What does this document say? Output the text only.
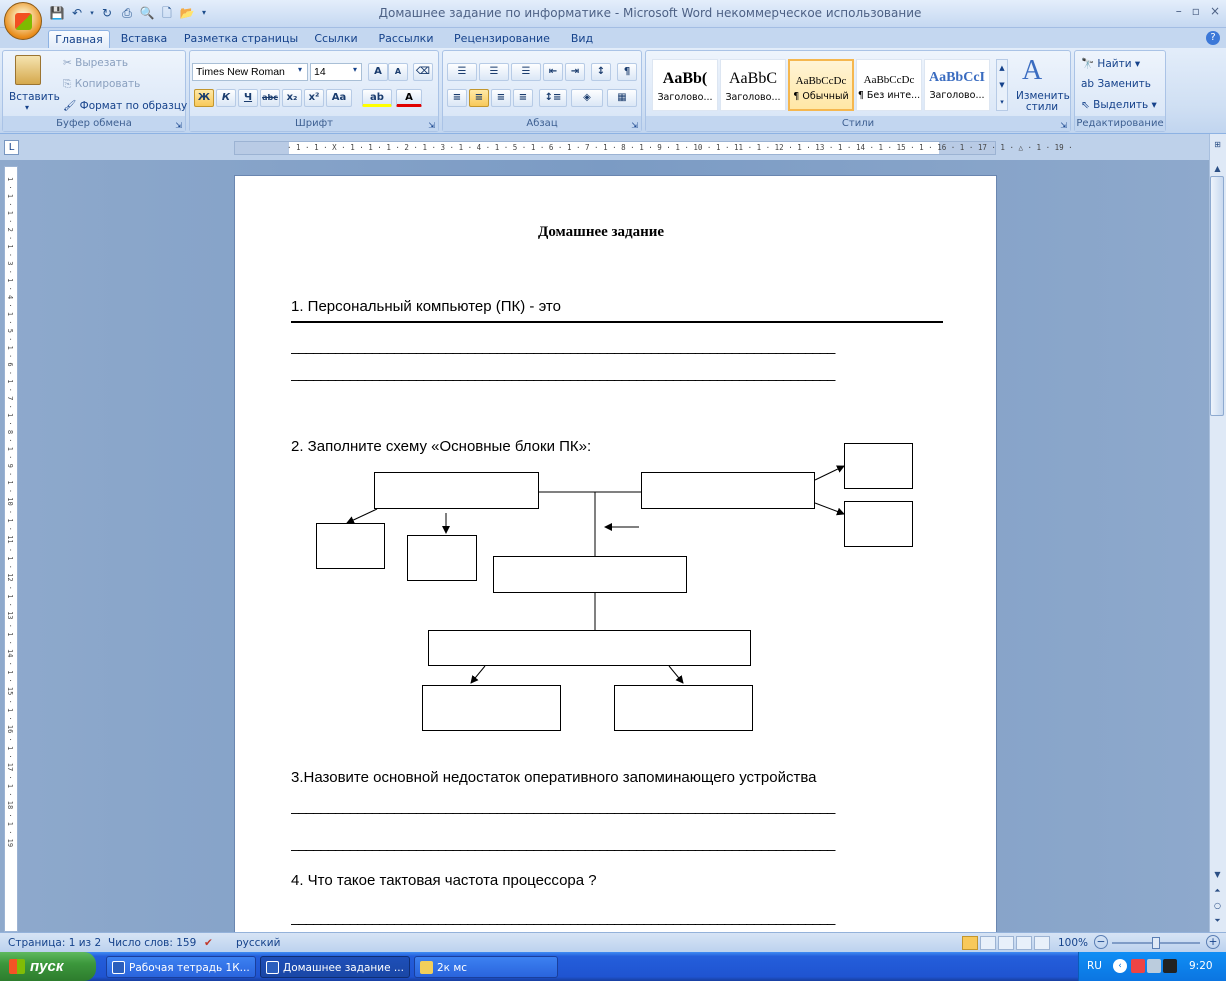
💾 ↶	▾ ↻ ⎙ 🔍 🗋 📂 ▾	Домашнее задание по информатике - Microsoft Word некоммерческое использование	– ▫ ×
Главная	Вставка	Разметка страницы	Ссылки	Рассылки	Рецензирование	Вид	?
Вставить
▾
✂ Вырезать
⎘ Копировать
🖌 Формат по образцу
Буфер обмена	⇲
Times New Roman	▾	14	▾	A	A	⌫
Ж	К	Ч	abc x₂	x²	Aa	ab	A
Шрифт	⇲
☰	☰	☰	⇤	⇥	↕	¶
≡	≡	≡	≡	↕≡	◈	▦
Абзац	⇲
AaBb(
Заголово...
AaBbC
Заголово...
AaBbCcDc
¶ Обычный
AaBbCcDc
¶ Без инте...
AaBbCcI
Заголово...
▲
▼
▾
A
Изменить стили
Стили	⇲
🔭 Найти ▾
ab Заменить
⇖ Выделить ▾
Редактирование
L	· 1 · 1 · X · 1 · 1 · 1 · 2 · 1 · 3 · 1 · 4 · 1 · 5 · 1 · 6 · 1 · 7 · 1 · 8 · 1 · 9 · 1 · 10 · 1 · 11 · 1 · 12 · 1 · 13 · 1 · 14 · 1 · 15 · 1 · 16 · 1 · 17 · 1 · △ · 1 · 19 ·
1 · 1 · 1 · 2 · 1 · 3 · 1 · 4 · 1 · 5 · 1 · 6 · 1 · 7 · 1 · 8 · 1 · 9 · 1 · 10 · 1 · 11 · 1 · 12 · 1 · 13 · 1 · 14 · 1 · 15 · 1 · 16 · 1 · 17 · 1 · 18 · 1 · 19
⊞
▲
▼
⏶
○
⏷
Домашнее задание
1. Персональный компьютер (ПК) - это
__________________________________________________________________________
__________________________________________________________________________
2. Заполните схему «Основные блоки ПК»:
3.Назовите основной недостаток оперативного запоминающего устройства
__________________________________________________________________________
__________________________________________________________________________
4. Что такое тактовая частота процессора ?
__________________________________________________________________________
Страница: 1 из 2 Число слов: 159 ✔ русский	100% −	+
пуск	Рабочая тетрадь 1К...	Домашнее задание ...	2к мс	RU	‹	9:20
